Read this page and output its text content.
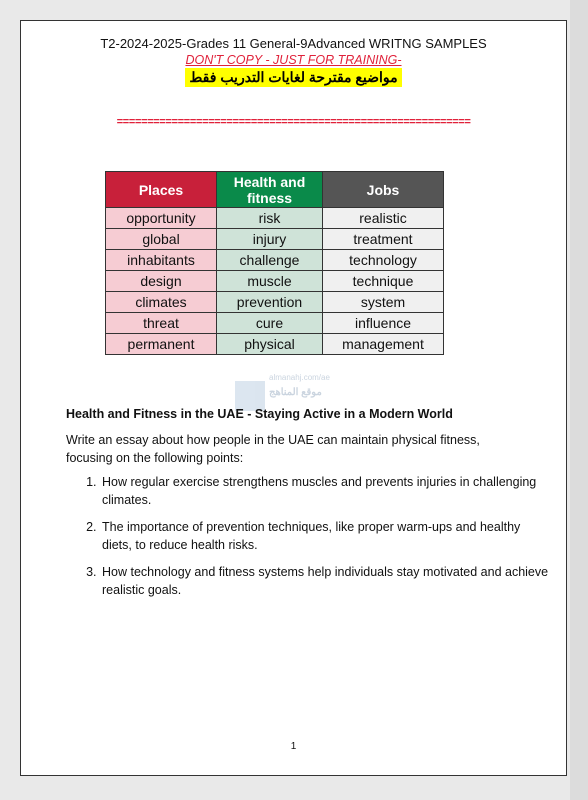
T2-2024-2025-Grades 11 General-9Advanced WRITNG SAMPLES
DON'T COPY - JUST FOR TRAINING-
مواضيع مقترحة لغايات التدريب فقط
==========================================================
Places	Health and fitness	Jobs
opportunity	risk	realistic
global	injury	treatment
inhabitants	challenge	technology
design	muscle	technique
climates	prevention	system
threat	cure	influence
permanent	physical	management
almanahj.com/ae
موقع المناهج
Health and Fitness in the UAE - Staying Active in a Modern World
Write an essay about how people in the UAE can maintain physical fitness, focusing on the following points:
1. How regular exercise strengthens muscles and prevents injuries in challenging climates.
2. The importance of prevention techniques, like proper warm-ups and healthy diets, to reduce health risks.
3. How technology and fitness systems help individuals stay motivated and achieve realistic goals.
1
